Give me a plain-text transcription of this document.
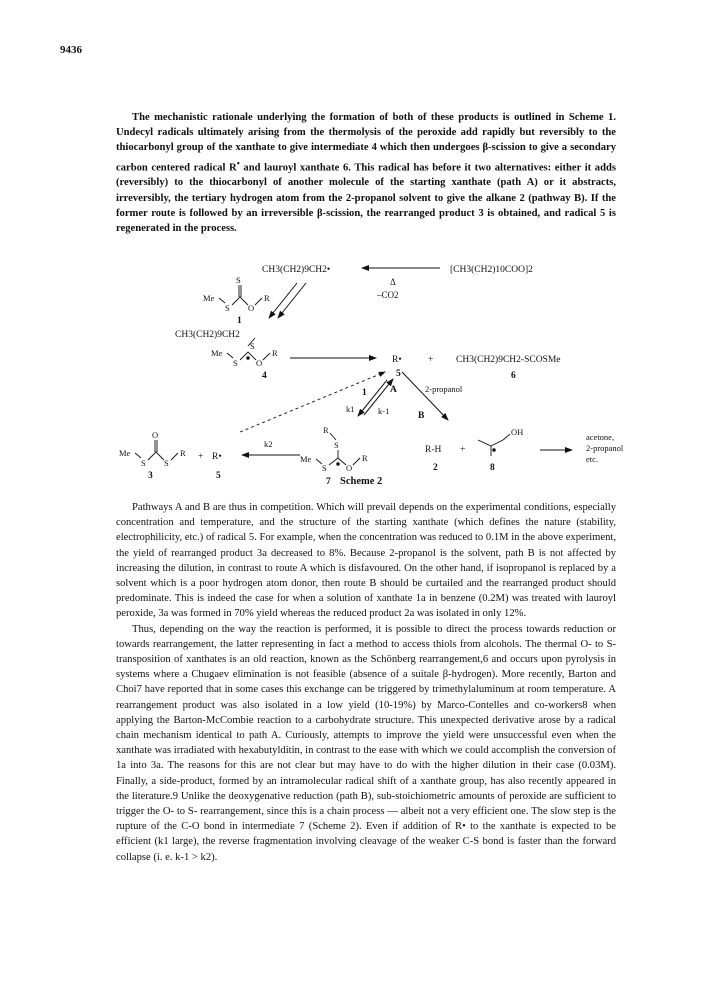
9436
The mechanistic rationale underlying the formation of both of these products is outlined in Scheme 1. Undecyl radicals ultimately arising from the thermolysis of the peroxide add rapidly but reversibly to the thiocarbonyl group of the xanthate to give intermediate 4 which then undergoes β-scission to give a secondary carbon centered radical R• and lauroyl xanthate 6. This radical has before it two alternatives: either it adds (reversibly) to the thiocarbonyl of another molecule of the starting xanthate (path A) or it abstracts, irreversibly, the tertiary hydrogen atom from the 2-propanol solvent to give the alkane 2 (pathway B). If the former route is followed by an irreversible β-scission, the rearranged product 3 is obtained, and radical 5 is regenerated in the process.
CH3(CH2)9CH2•	[CH3(CH2)10COO]2
Δ
–CO2
Me
S
S
O
R
1
CH3(CH2)9CH2
S
Me
S O
R
4
R•	+ CH3(CH2)9CH2-SCOSMe
6
5
1 A
k1	k-1
2-propanol
B
Me
S
O
S
R
3
+ R•
5
k2
R
S
Me
S O
R
7
R-H
2
+
OH
8
acetone,
2-propanol
etc.
Scheme 2

Pathways A and B are thus in competition. Which will prevail depends on the experimental conditions, especially concentration and temperature, and the structure of the starting xanthate (which defines the nature (stability, electrophilicity, etc.) of radical 5. For example, when the concentration was reduced to 0.1M in the above experiment, the yield of rearranged product 3a decreased to 8%. Because 2-propanol is the solvent, path B is not affected by increasing the dilution, in contrast to route A which is disfavoured. On the other hand, if isopropanol is replaced by a solvent which is a poor hydrogen atom donor, then route B should be curtailed and the rearranged product should predominate. This is indeed the case for when a solution of xanthate 1a in benzene (0.2M) was treated with lauroyl peroxide, 3a was formed in 70% yield whereas the reduced product 2a was isolated in only 12%.

Thus, depending on the way the reaction is performed, it is possible to direct the process towards reduction or towards rearrangement, the latter representing in fact a method to access thiols from alcohols. The thermal O- to S- transposition of xanthates is an old reaction, known as the Schönberg rearrangement,6 and occurs upon pyrolysis in systems where a Chugaev elimination is not feasible (absence of a suitale β-hydrogen). More recently, Barton and Choi7 have reported that in some cases this exchange can be triggered by trimethylaluminum at room temperature. A rearrangement product was also isolated in a low yield (10-19%) by Marco-Contelles and co-workers8 when applying the Barton-McCombie reaction to a carbohydrate structure. This unexpected derivative arose by a radical chain mechanism identical to path A. Curiously, attempts to improve the yield were unsuccessful even when the xanthate was irradiated with hexabutylditin, in contrast to the ease with which we could accomplish the conversion of 1a into 3a. The reasons for this are not clear but may have to do with the higher dilution in their case (0.03M). Finally, a side-product, formed by an intramolecular radical shift of a xanthate group, has also recently appeared in the literature.9 Unlike the deoxygenative reduction (path B), sub-stoichiometric amounts of peroxide are sufficient to trigger the O- to S- rearrangement, since this is a chain process — albeit not a very efficient one. The slow step is the rupture of the C-O bond in intermediate 7 (Scheme 2). Even if addition of R• to the xanthate is expected to be efficient (k1 large), the reverse fragmentation involving cleavage of the weaker C-S bond is faster than the forward collapse (i. e. k-1 > k2).
